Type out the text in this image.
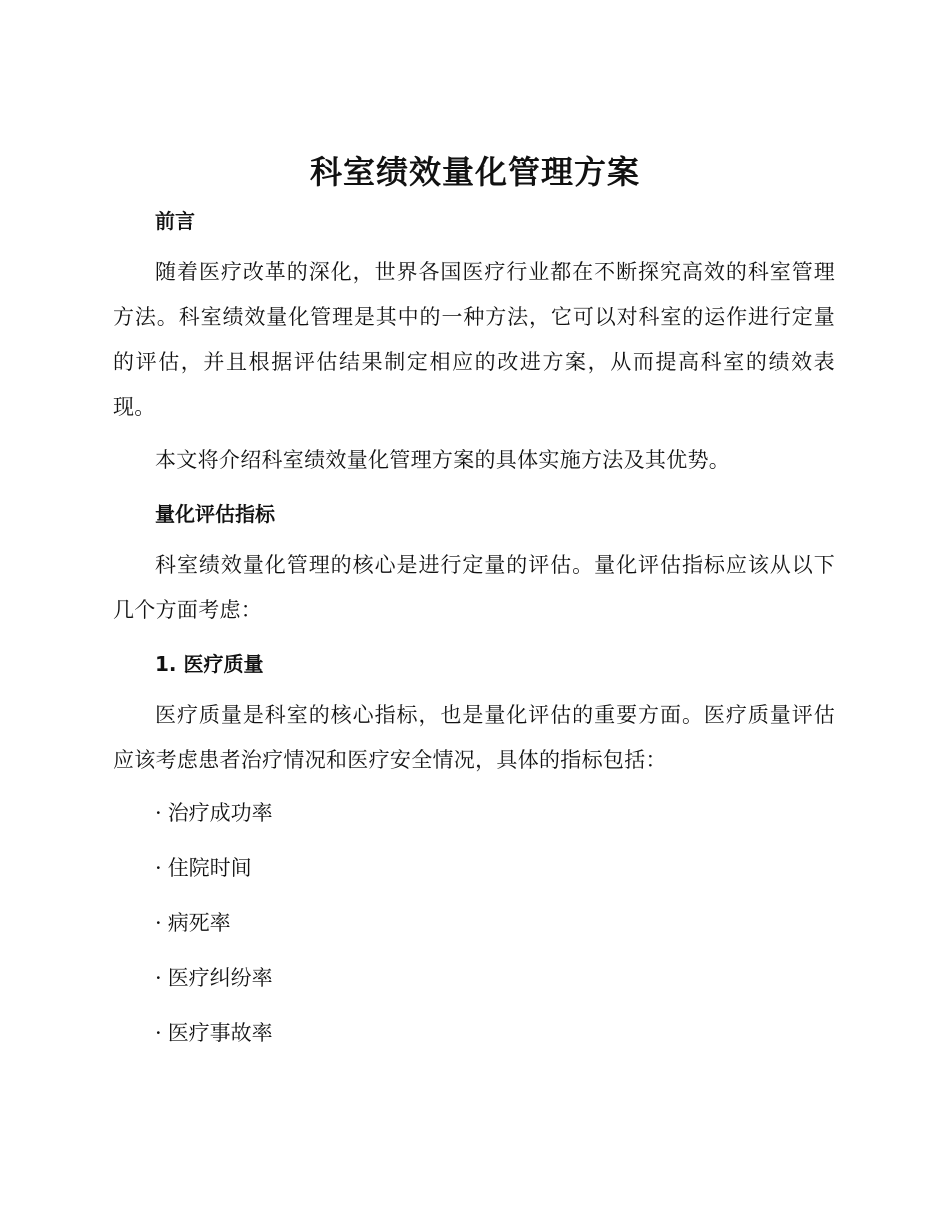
科室绩效量化管理方案
前言

随着医疗改革的深化，世界各国医疗行业都在不断探究高效的科室管理方法。科室绩效量化管理是其中的一种方法，它可以对科室的运作进行定量的评估，并且根据评估结果制定相应的改进方案，从而提高科室的绩效表现。

本文将介绍科室绩效量化管理方案的具体实施方法及其优势。

量化评估指标

科室绩效量化管理的核心是进行定量的评估。量化评估指标应该从以下几个方面考虑：

1. 医疗质量

医疗质量是科室的核心指标，也是量化评估的重要方面。医疗质量评估应该考虑患者治疗情况和医疗安全情况，具体的指标包括：

· 治疗成功率
· 住院时间
· 病死率
· 医疗纠纷率
· 医疗事故率
